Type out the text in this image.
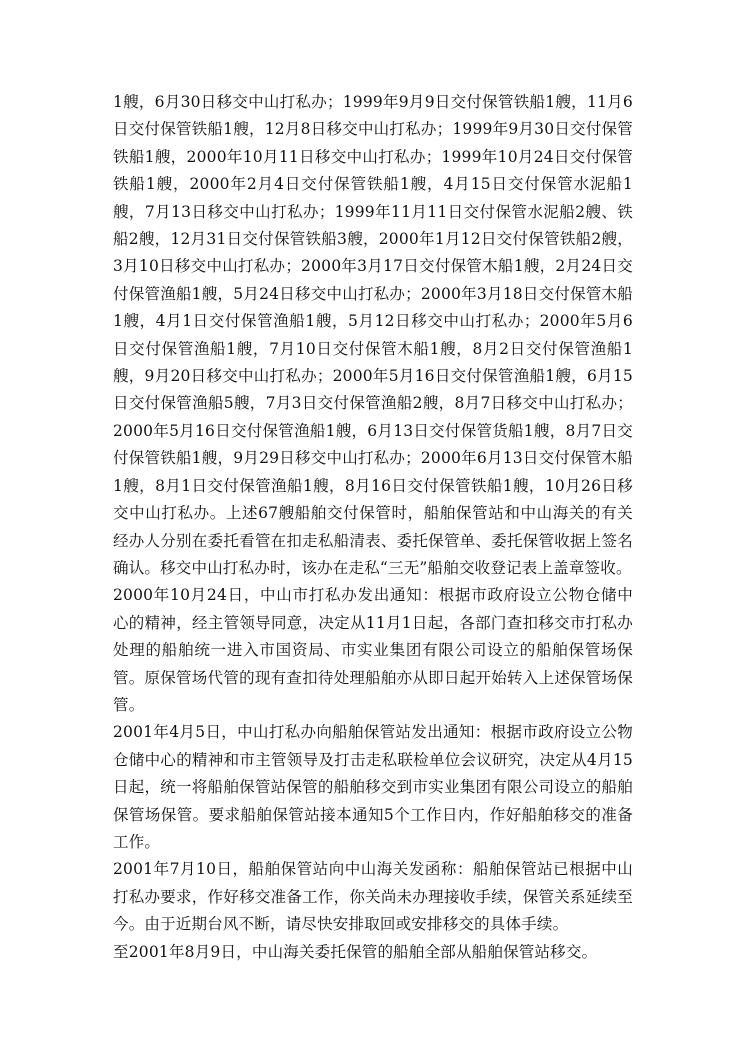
1艘，6月30日移交中山打私办；1999年9月9日交付保管铁船1艘，11月6日交付保管铁船1艘，12月8日移交中山打私办；1999年9月30日交付保管铁船1艘，2000年10月11日移交中山打私办；1999年10月24日交付保管铁船1艘，2000年2月4日交付保管铁船1艘，4月15日交付保管水泥船1艘，7月13日移交中山打私办；1999年11月11日交付保管水泥船2艘、铁船2艘，12月31日交付保管铁船3艘，2000年1月12日交付保管铁船2艘，3月10日移交中山打私办；2000年3月17日交付保管木船1艘，2月24日交付保管渔船1艘，5月24日移交中山打私办；2000年3月18日交付保管木船1艘，4月1日交付保管渔船1艘，5月12日移交中山打私办；2000年5月6日交付保管渔船1艘，7月10日交付保管木船1艘，8月2日交付保管渔船1艘，9月20日移交中山打私办；2000年5月16日交付保管渔船1艘，6月15日交付保管渔船5艘，7月3日交付保管渔船2艘，8月7日移交中山打私办；2000年5月16日交付保管渔船1艘，6月13日交付保管货船1艘，8月7日交付保管铁船1艘，9月29日移交中山打私办；2000年6月13日交付保管木船1艘，8月1日交付保管渔船1艘，8月16日交付保管铁船1艘，10月26日移交中山打私办。上述67艘船舶交付保管时，船舶保管站和中山海关的有关经办人分别在委托看管在扣走私船清表、委托保管单、委托保管收据上签名确认。移交中山打私办时，该办在走私“三无”船舶交收登记表上盖章签收。

2000年10月24日，中山市打私办发出通知：根据市政府设立公物仓储中心的精神，经主管领导同意，决定从11月1日起，各部门查扣移交市打私办处理的船舶统一进入市国资局、市实业集团有限公司设立的船舶保管场保管。原保管场代管的现有查扣待处理船舶亦从即日起开始转入上述保管场保管。

2001年4月5日，中山打私办向船舶保管站发出通知：根据市政府设立公物仓储中心的精神和市主管领导及打击走私联检单位会议研究，决定从4月15日起，统一将船舶保管站保管的船舶移交到市实业集团有限公司设立的船舶保管场保管。要求船舶保管站接本通知5个工作日内，作好船舶移交的准备工作。

2001年7月10日，船舶保管站向中山海关发函称：船舶保管站已根据中山打私办要求，作好移交准备工作，你关尚未办理接收手续，保管关系延续至今。由于近期台风不断，请尽快安排取回或安排移交的具体手续。

至2001年8月9日，中山海关委托保管的船舶全部从船舶保管站移交。
